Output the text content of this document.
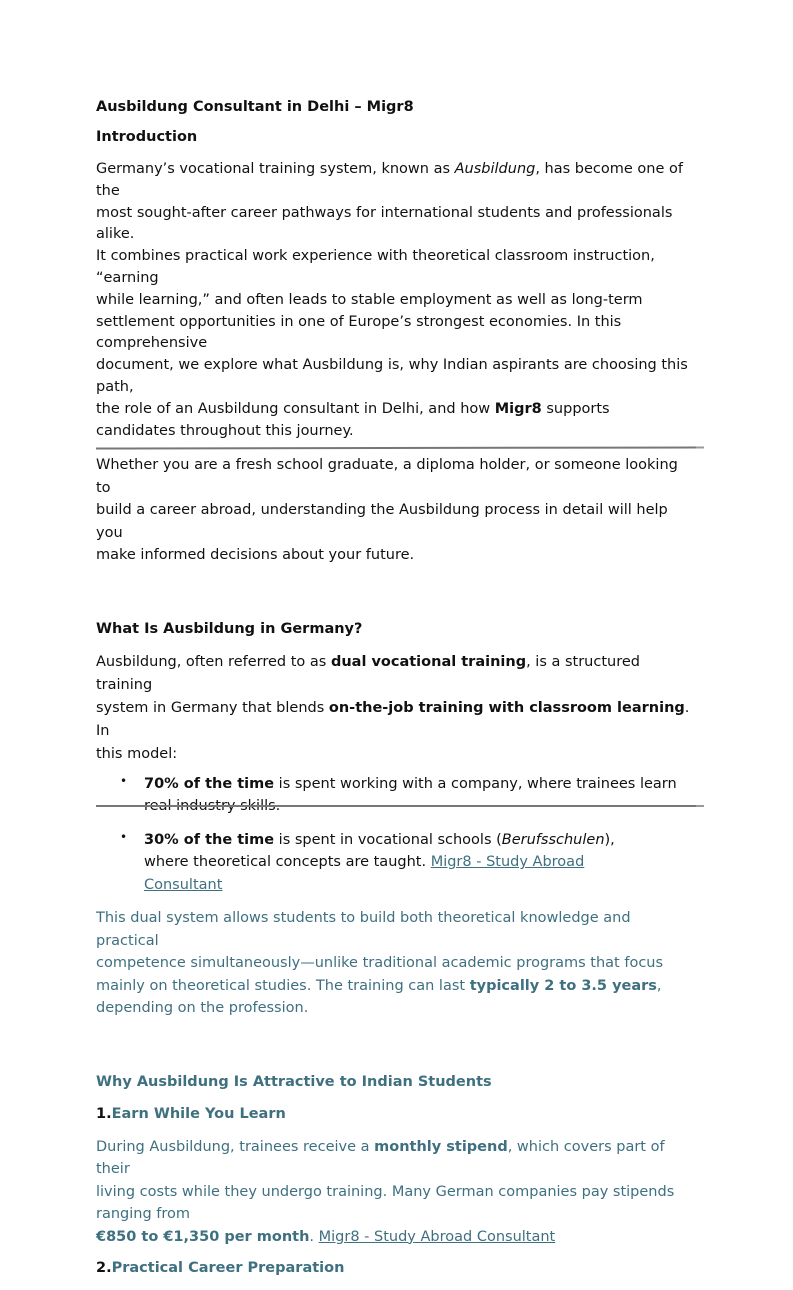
Ausbildung Consultant in Delhi – Migr8
Introduction

Germany’s vocational training system, known as Ausbildung, has become one of the
most sought-after career pathways for international students and professionals alike.
It combines practical work experience with theoretical classroom instruction,
“earning
while learning,” and often leads to stable employment as well as long-term
settlement opportunities in one of Europe’s strongest economies. In this
comprehensive
document, we explore what Ausbildung is, why Indian aspirants are choosing this
path,
the role of an Ausbildung consultant in Delhi, and how Migr8 supports
candidates throughout this journey.

Whether you are a fresh school graduate, a diploma holder, or someone looking to
build a career abroad, understanding the Ausbildung process in detail will help you
make informed decisions about your future.

What Is Ausbildung in Germany?

Ausbildung, often referred to as dual vocational training, is a structured training
system in Germany that blends on-the-job training with classroom learning. In
this model:

• 70% of the time is spent working with a company, where trainees learn

• 30% of the time is spent in vocational schools (Berufsschulen),
where theoretical concepts are taught. Migr8 - Study Abroad
Consultant

This dual system allows students to build both theoretical knowledge and practical
competence simultaneously—unlike traditional academic programs that focus
mainly on theoretical studies. The training can last typically 2 to 3.5 years,
depending on the profession.

Why Ausbildung Is Attractive to Indian Students
1.Earn While You Learn

During Ausbildung, trainees receive a monthly stipend, which covers part of their
living costs while they undergo training. Many German companies pay stipends
ranging from
€850 to €1,350 per month. Migr8 - Study Abroad Consultant

2.Practical Career Preparation
